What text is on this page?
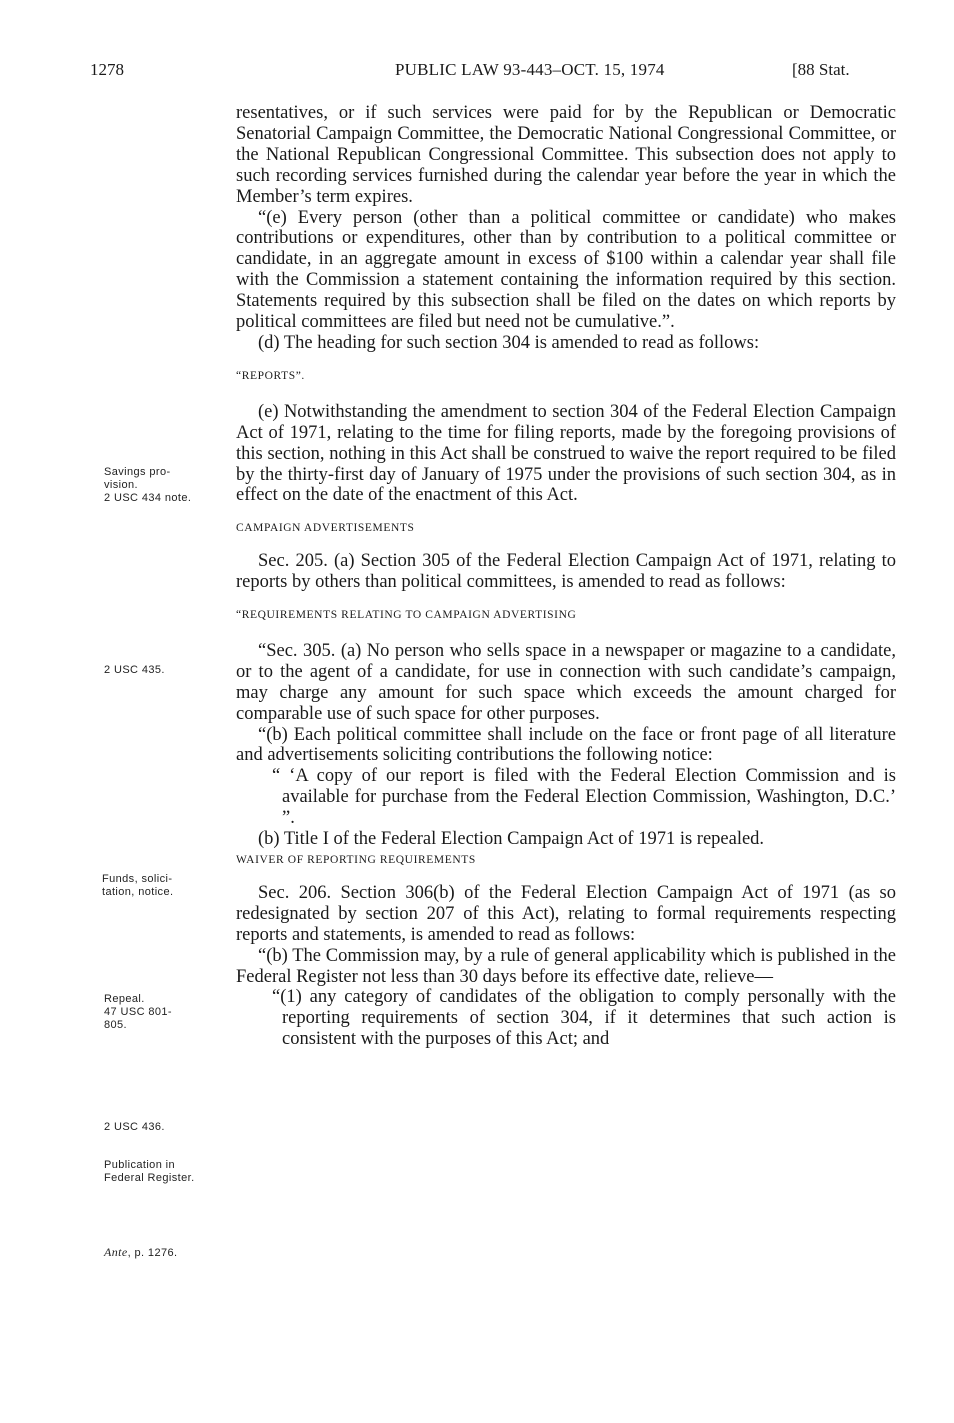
1278	PUBLIC LAW 93-443–OCT. 15, 1974	[88 Stat.
Savings pro-
vision.
2 USC 434 note.
2 USC 435.
Funds, solici-
tation, notice.
Repeal.
47 USC 801-
805.
2 USC 436.
Publication in
Federal Register.
Ante, p. 1276.

resentatives, or if such services were paid for by the Republican or Democratic Senatorial Campaign Committee, the Democratic National Congressional Committee, or the National Republican Congressional Committee. This subsection does not apply to such recording services furnished during the calendar year before the year in which the Member’s term expires.

“(e) Every person (other than a political committee or candidate) who makes contributions or expenditures, other than by contribution to a political committee or candidate, in an aggregate amount in excess of $100 within a calendar year shall file with the Commission a statement containing the information required by this section. Statements required by this subsection shall be filed on the dates on which reports by political committees are filed but need not be cumulative.”.

(d) The heading for such section 304 is amended to read as follows:

“REPORTS”.

(e) Notwithstanding the amendment to section 304 of the Federal Election Campaign Act of 1971, relating to the time for filing reports, made by the foregoing provisions of this section, nothing in this Act shall be construed to waive the report required to be filed by the thirty-first day of January of 1975 under the provisions of such section 304, as in effect on the date of the enactment of this Act.

CAMPAIGN ADVERTISEMENTS

Sec. 205. (a) Section 305 of the Federal Election Campaign Act of 1971, relating to reports by others than political committees, is amended to read as follows:

“REQUIREMENTS RELATING TO CAMPAIGN ADVERTISING

“Sec. 305. (a) No person who sells space in a newspaper or magazine to a candidate, or to the agent of a candidate, for use in connection with such candidate’s campaign, may charge any amount for such space which exceeds the amount charged for comparable use of such space for other purposes.

“(b) Each political committee shall include on the face or front page of all literature and advertisements soliciting contributions the following notice:

“ ‘A copy of our report is filed with the Federal Election Commission and is available for purchase from the Federal Election Commission, Washington, D.C.’ ”.

(b) Title I of the Federal Election Campaign Act of 1971 is repealed.

WAIVER OF REPORTING REQUIREMENTS

Sec. 206. Section 306(b) of the Federal Election Campaign Act of 1971 (as so redesignated by section 207 of this Act), relating to formal requirements respecting reports and statements, is amended to read as follows:

“(b) The Commission may, by a rule of general applicability which is published in the Federal Register not less than 30 days before its effective date, relieve—

“(1) any category of candidates of the obligation to comply personally with the reporting requirements of section 304, if it determines that such action is consistent with the purposes of this Act; and
